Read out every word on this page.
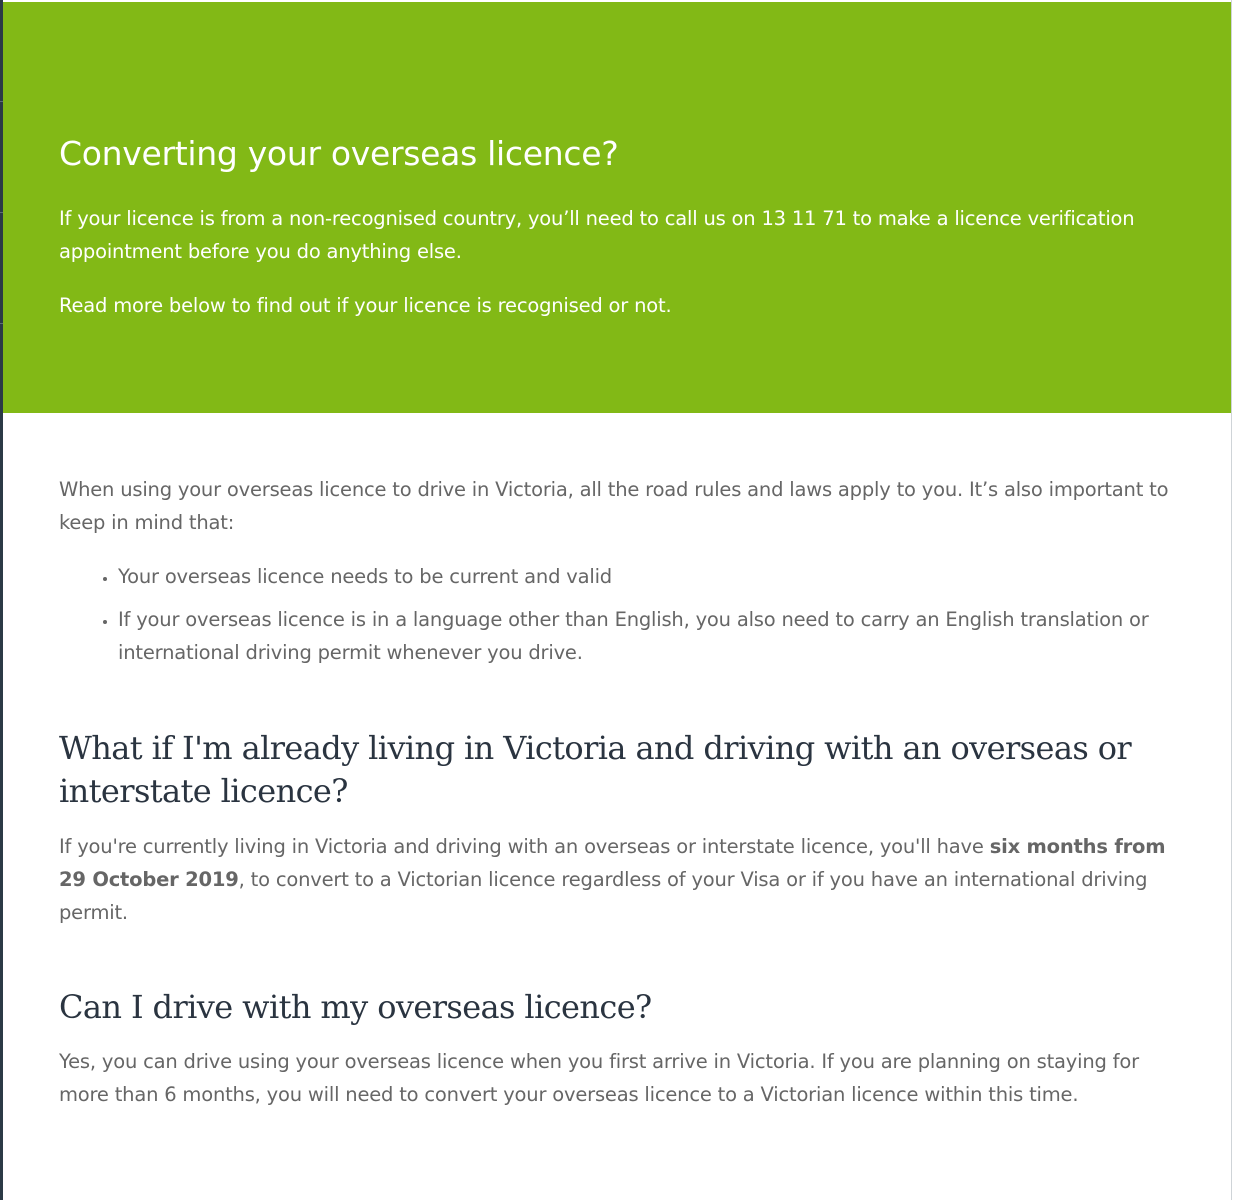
Converting your overseas licence?

If your licence is from a non-recognised country, you’ll need to call us on 13 11 71 to make a licence verification appointment before you do anything else.

Read more below to find out if your licence is recognised or not.

When using your overseas licence to drive in Victoria, all the road rules and laws apply to you. It’s also important to keep in mind that:

• Your overseas licence needs to be current and valid
• If your overseas licence is in a language other than English, you also need to carry an English translation or international driving permit whenever you drive.
What if I'm already living in Victoria and driving with an overseas or interstate licence?

If you're currently living in Victoria and driving with an overseas or interstate licence, you'll have six months from 29 October 2019, to convert to a Victorian licence regardless of your Visa or if you have an international driving permit.

Can I drive with my overseas licence?

Yes, you can drive using your overseas licence when you first arrive in Victoria. If you are planning on staying for more than 6 months, you will need to convert your overseas licence to a Victorian licence within this time.
